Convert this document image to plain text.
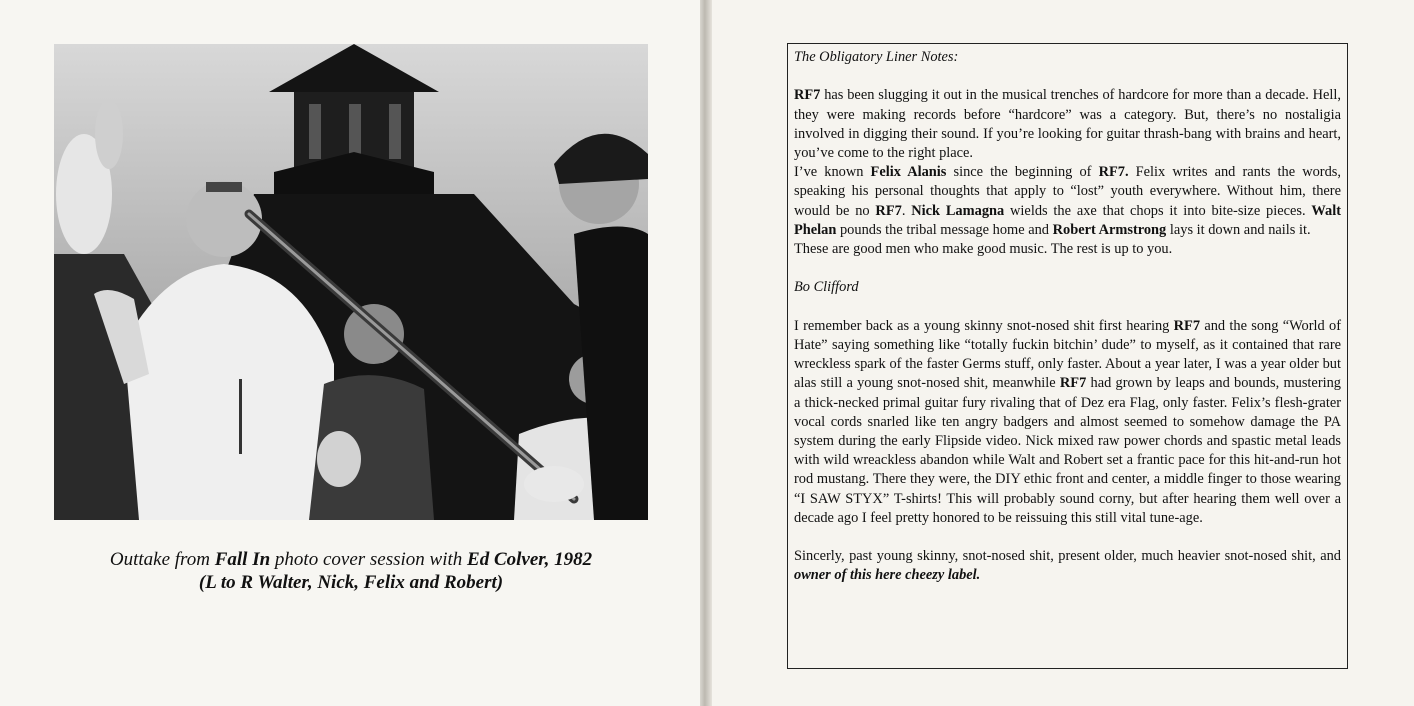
Outtake from Fall In photo cover session with Ed Colver, 1982
(L to R Walter, Nick, Felix and Robert)

The Obligatory Liner Notes:

RF7 has been slugging it out in the musical trenches of hardcore for more than a decade. Hell, they were making records before “hardcore” was a category. But, there’s no nostaligia involved in digging their sound. If you’re looking for guitar thrash-bang with brains and heart, you’ve come to the right place.

I’ve known Felix Alanis since the beginning of RF7. Felix writes and rants the words, speaking his personal thoughts that apply to “lost” youth everywhere. Without him, there would be no RF7. Nick Lamagna wields the axe that chops it into bite-size pieces. Walt Phelan pounds the tribal message home and Robert Armstrong lays it down and nails it.

These are good men who make good music. The rest is up to you.

Bo Clifford

I remember back as a young skinny snot-nosed shit first hearing RF7 and the song “World of Hate” saying something like “totally fuckin bitchin’ dude” to myself, as it contained that rare wreckless spark of the faster Germs stuff, only faster. About a year later, I was a year older but alas still a young snot-nosed shit, meanwhile RF7 had grown by leaps and bounds, mustering a thick-necked primal guitar fury rivaling that of Dez era Flag, only faster. Felix’s flesh-grater vocal cords snarled like ten angry badgers and almost seemed to somehow damage the PA system during the early Flipside video. Nick mixed raw power chords and spastic metal leads with wild wreackless abandon while Walt and Robert set a frantic pace for this hit-and-run hot rod mustang. There they were, the DIY ethic front and center, a middle finger to those wearing “I SAW STYX” T-shirts! This will probably sound corny, but after hearing them well over a decade ago I feel pretty honored to be reissuing this still vital tune-age.

Sincerly, past young skinny, snot-nosed shit, present older, much heavier snot-nosed shit, and owner of this here cheezy label.
